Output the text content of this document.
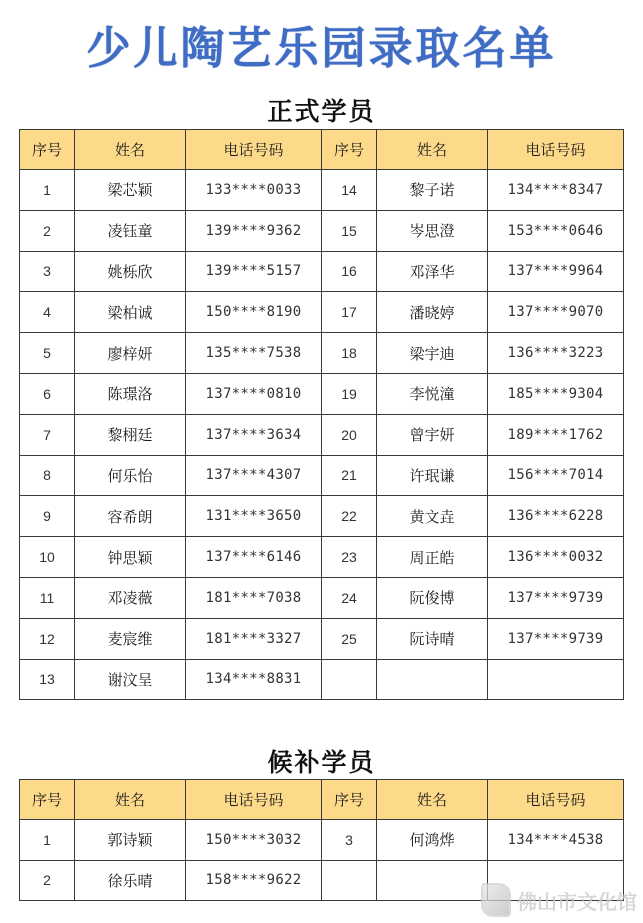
少儿陶艺乐园录取名单
正式学员
序号	姓名	电话号码	序号	姓名	电话号码
1	梁芯颖	133****0033	14	黎子诺	134****8347
2	凌钰童	139****9362	15	岑思澄	153****0646
3	姚栎欣	139****5157	16	邓泽华	137****9964
4	梁柏诚	150****8190	17	潘晓婷	137****9070
5	廖梓妍	135****7538	18	梁宇迪	136****3223
6	陈璟洛	137****0810	19	李悦潼	185****9304
7	黎栩廷	137****3634	20	曾宇妍	189****1762
8	何乐怡	137****4307	21	许珉谦	156****7014
9	容希朗	131****3650	22	黄文垚	136****6228
10	钟思颖	137****6146	23	周正皓	136****0032
11	邓凌薇	181****7038	24	阮俊博	137****9739
12	麦宸维	181****3327	25	阮诗晴	137****9739
13	谢汶呈	134****8831			
候补学员
序号	姓名	电话号码	序号	姓名	电话号码
1	郭诗颖	150****3032	3	何鸿烨	134****4538
2	徐乐晴	158****9622			
佛山市文化馆
